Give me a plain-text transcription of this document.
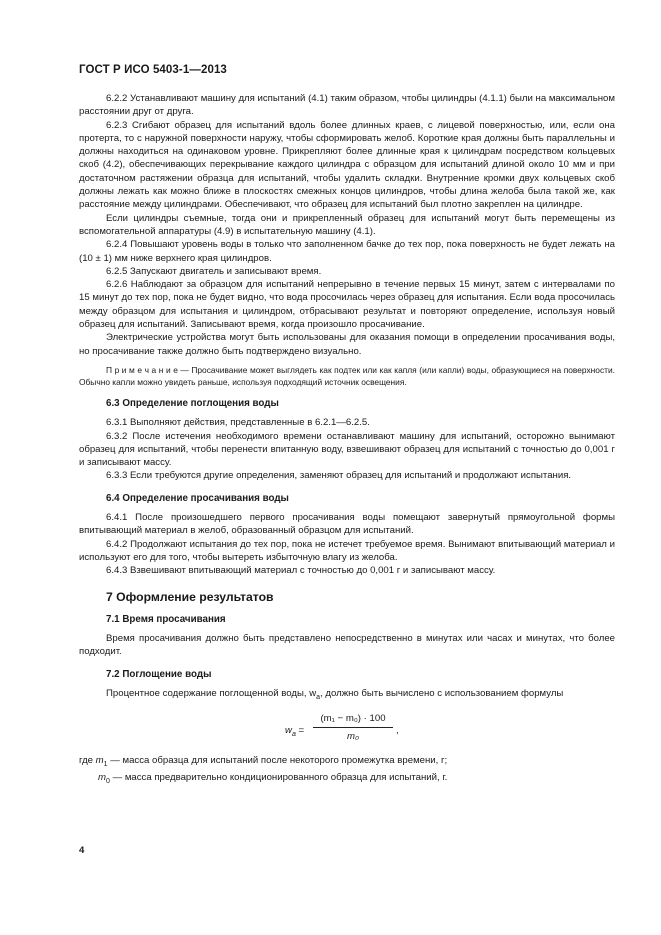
ГОСТ Р ИСО 5403-1—2013

6.2.2 Устанавливают машину для испытаний (4.1) таким образом, чтобы цилиндры (4.1.1) были на максимальном расстоянии друг от друга.

6.2.3 Сгибают образец для испытаний вдоль более длинных краев, с лицевой поверхностью, или, если она протерта, то с наружной поверхности наружу, чтобы сформировать желоб. Короткие края должны быть параллельны и должны находиться на одинаковом уровне. Прикрепляют более длинные края к цилиндрам посредством кольцевых скоб (4.2), обеспечивающих перекрывание каждого цилиндра с образцом для испытаний длиной около 10 мм и при достаточном растяжении образца для испытаний, чтобы удалить складки. Внутренние кромки двух кольцевых скоб должны лежать как можно ближе в плоскостях смежных концов цилиндров, чтобы длина желоба была такой же, как расстояние между цилиндрами. Обеспечивают, что образец для испытаний был плотно закреплен на цилиндре.

Если цилиндры съемные, тогда они и прикрепленный образец для испытаний могут быть перемещены из вспомогательной аппаратуры (4.9) в испытательную машину (4.1).

6.2.4 Повышают уровень воды в только что заполненном бачке до тех пор, пока поверхность не будет лежать на (10 ± 1) мм ниже верхнего края цилиндров.

6.2.5 Запускают двигатель и записывают время.

6.2.6 Наблюдают за образцом для испытаний непрерывно в течение первых 15 минут, затем с интервалами по 15 минут до тех пор, пока не будет видно, что вода просочилась через образец для испытания. Если вода просочилась между образцом для испытания и цилиндром, отбрасывают результат и повторяют определение, используя новый образец для испытаний. Записывают время, когда произошло просачивание.

Электрические устройства могут быть использованы для оказания помощи в определении просачивания воды, но просачивание также должно быть подтверждено визуально.

П р и м е ч а н и е — Просачивание может выглядеть как подтек или как капля (или капли) воды, образующиеся на поверхности. Обычно капли можно увидеть раньше, используя подходящий источник освещения.

6.3 Определение поглощения воды

6.3.1 Выполняют действия, представленные в 6.2.1—6.2.5.

6.3.2 После истечения необходимого времени останавливают машину для испытаний, осторожно вынимают образец для испытаний, чтобы перенести впитанную воду, взвешивают образец для испытаний с точностью до 0,001 г и записывают массу.

6.3.3 Если требуются другие определения, заменяют образец для испытаний и продолжают испытания.

6.4 Определение просачивания воды

6.4.1 После произошедшего первого просачивания воды помещают завернутый прямоугольной формы впитывающий материал в желоб, образованный образцом для испытаний.

6.4.2 Продолжают испытания до тех пор, пока не истечет требуемое время. Вынимают впитывающий материал и используют его для того, чтобы вытереть избыточную влагу из желоба.

6.4.3 Взвешивают впитывающий материал с точностью до 0,001 г и записывают массу.

7 Оформление результатов

7.1 Время просачивания

Время просачивания должно быть представлено непосредственно в минутах или часах и минутах, что более подходит.

7.2 Поглощение воды

Процентное содержание поглощенной воды, $w_a$, должно быть вычислено с использованием формулы

$w_a = \frac{\text{(m₁ − m₀) · 100}}{\text{m₀}}$ ,

где $m_1$ — масса образца для испытаний после некоторого промежутка времени, г;

$m_0$ — масса предварительно кондиционированного образца для испытаний, г.

4
